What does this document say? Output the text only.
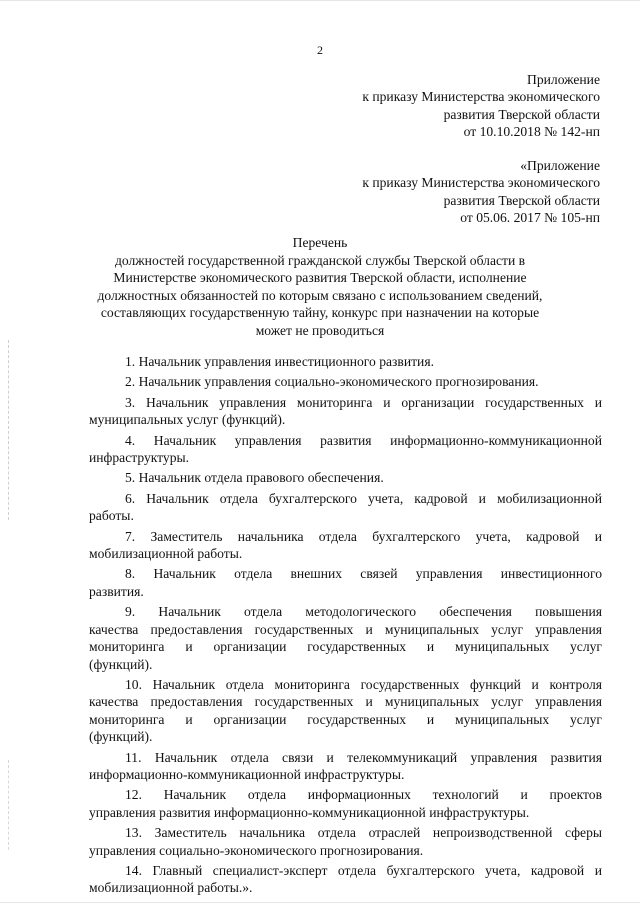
2
Приложение
к приказу Министерства экономического
развития Тверской области
от 10.10.2018 № 142-нп
«Приложение
к приказу Министерства экономического
развития Тверской области
от 05.06. 2017 № 105-нп
Перечень
должностей государственной гражданской службы Тверской области в
Министерстве экономического развития Тверской области, исполнение
должностных обязанностей по которым связано с использованием сведений,
составляющих государственную тайну, конкурс при назначении на которые
может не проводиться
1. Начальник управления инвестиционного развития.
2. Начальник управления социально-экономического прогнозирования.
3. Начальник управления мониторинга и организации государственных и
муниципальных услуг (функций).
4. Начальник управления развития информационно-коммуникационной
инфраструктуры.
5. Начальник отдела правового обеспечения.
6. Начальник отдела бухгалтерского учета, кадровой и мобилизационной
работы.
7. Заместитель начальника отдела бухгалтерского учета, кадровой и
мобилизационной работы.
8. Начальник отдела внешних связей управления инвестиционного
развития.
9. Начальник отдела методологического обеспечения повышения
качества предоставления государственных и муниципальных услуг управления
мониторинга и организации государственных и муниципальных услуг
(функций).
10. Начальник отдела мониторинга государственных функций и контроля
качества предоставления государственных и муниципальных услуг управления
мониторинга и организации государственных и муниципальных услуг
(функций).
11. Начальник отдела связи и телекоммуникаций управления развития
информационно-коммуникационной инфраструктуры.
12. Начальник отдела информационных технологий и проектов
управления развития информационно-коммуникационной инфраструктуры.
13. Заместитель начальника отдела отраслей непроизводственной сферы
управления социально-экономического прогнозирования.
14. Главный специалист-эксперт отдела бухгалтерского учета, кадровой и
мобилизационной работы.».
